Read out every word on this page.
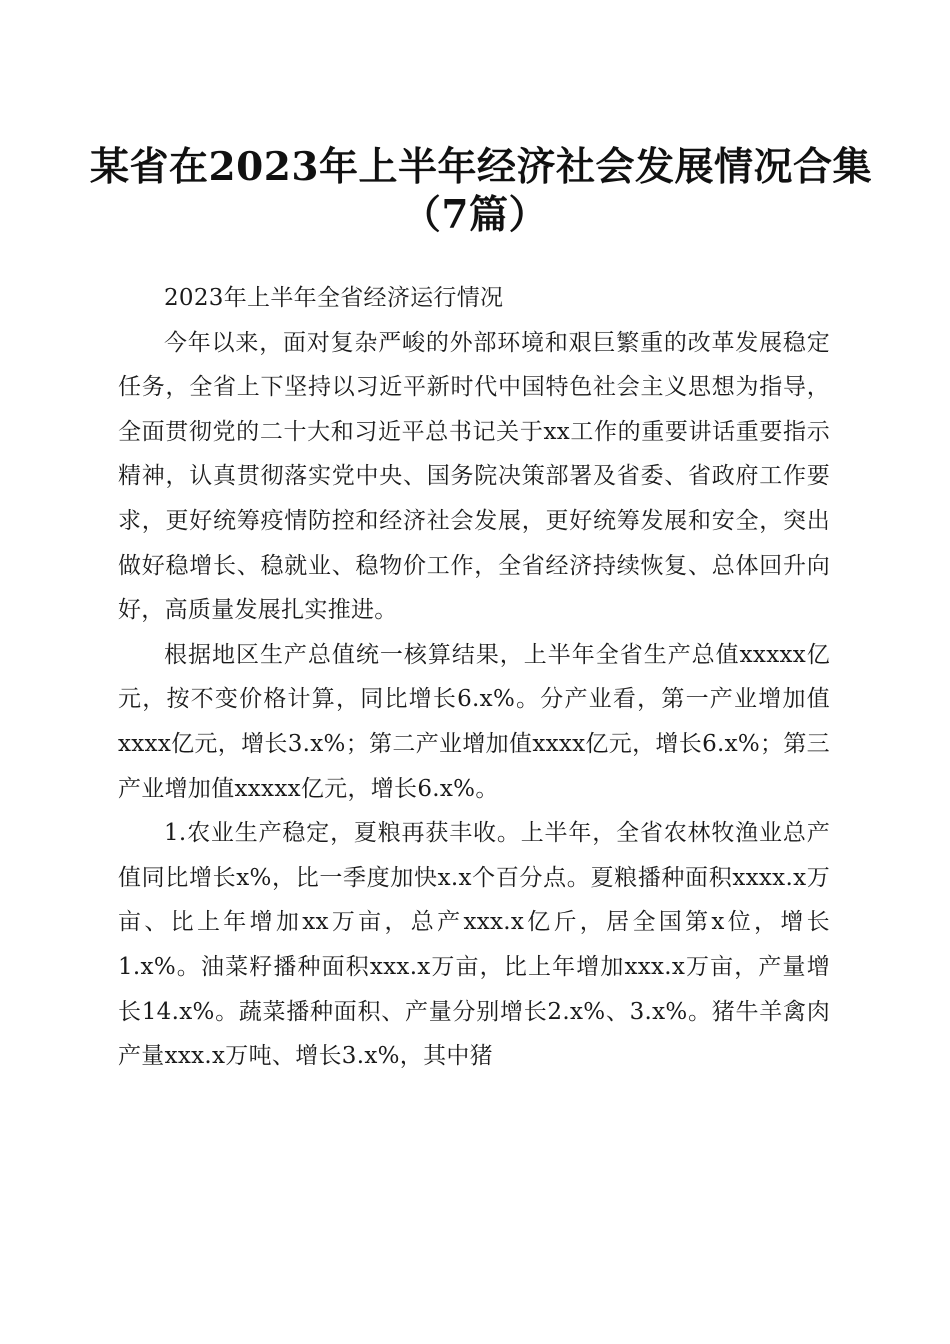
某省在2023年上半年经济社会发展情况合集
（7篇）

2023年上半年全省经济运行情况

今年以来，面对复杂严峻的外部环境和艰巨繁重的改革发展稳定任务，全省上下坚持以习近平新时代中国特色社会主义思想为指导，全面贯彻党的二十大和习近平总书记关于xx工作的重要讲话重要指示精神，认真贯彻落实党中央、国务院决策部署及省委、省政府工作要求，更好统筹疫情防控和经济社会发展，更好统筹发展和安全，突出做好稳增长、稳就业、稳物价工作，全省经济持续恢复、总体回升向好，高质量发展扎实推进。

根据地区生产总值统一核算结果，上半年全省生产总值xxxxx亿元，按不变价格计算，同比增长6.x%。分产业看，第一产业增加值xxxx亿元，增长3.x%；第二产业增加值xxxx亿元，增长6.x%；第三产业增加值xxxxx亿元，增长6.x%。

1.农业生产稳定，夏粮再获丰收。上半年，全省农林牧渔业总产值同比增长x%，比一季度加快x.x个百分点。夏粮播种面积xxxx.x万亩、比上年增加xx万亩，总产xxx.x亿斤，居全国第x位，增长1.x%。油菜籽播种面积xxx.x万亩，比上年增加xxx.x万亩，产量增长14.x%。蔬菜播种面积、产量分别增长2.x%、3.x%。猪牛羊禽肉产量xxx.x万吨、增长3.x%，其中猪
